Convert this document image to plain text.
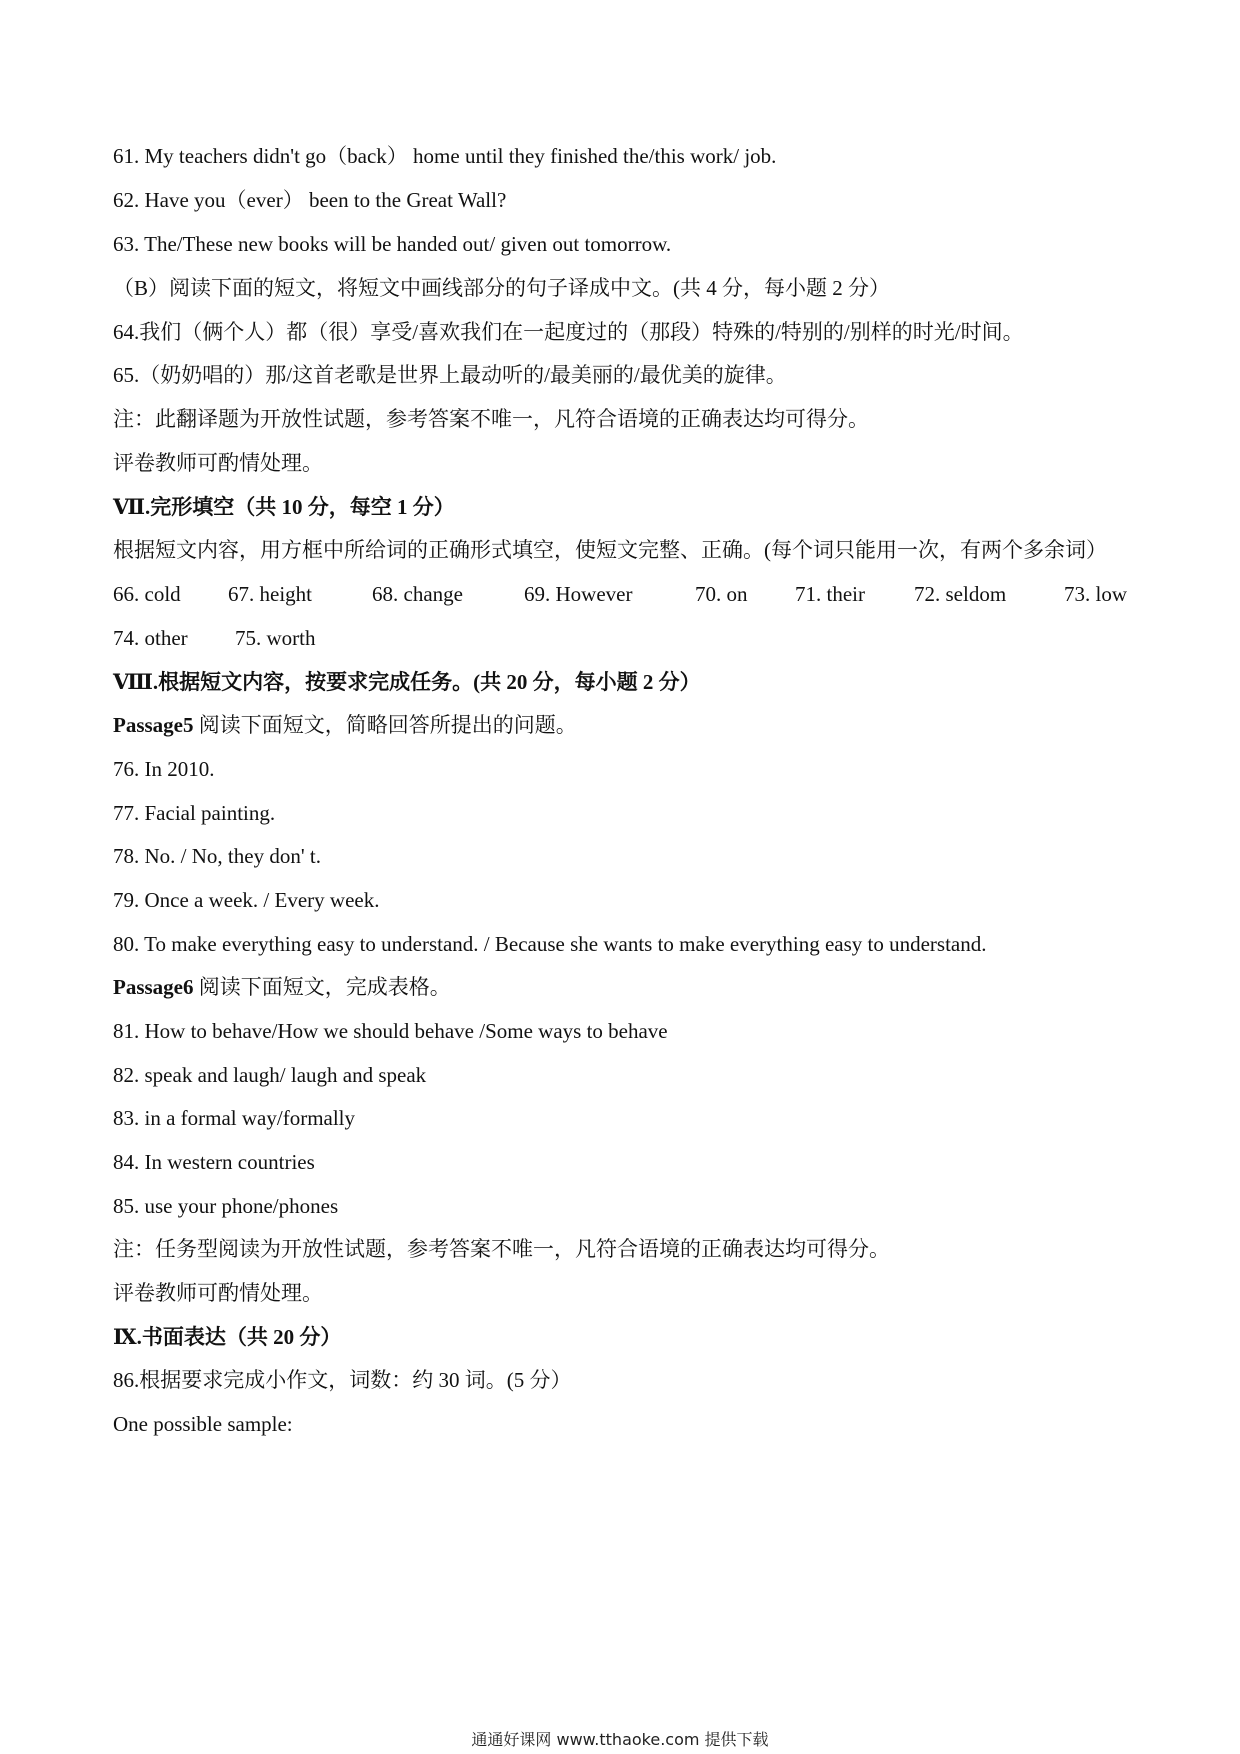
61. My teachers didn't go（back） home until they finished the/this work/ job.
62. Have you（ever） been to the Great Wall?
63. The/These new books will be handed out/ given out tomorrow.
（B）阅读下面的短文，将短文中画线部分的句子译成中文。(共 4 分，每小题 2 分）
64.我们（俩个人）都（很）享受/喜欢我们在一起度过的（那段）特殊的/特别的/别样的时光/时间。
65.（奶奶唱的）那/这首老歌是世界上最动听的/最美丽的/最优美的旋律。
注：此翻译题为开放性试题，参考答案不唯一，凡符合语境的正确表达均可得分。
评卷教师可酌情处理。
Ⅶ.完形填空（共 10 分，每空 1 分）
根据短文内容，用方框中所给词的正确形式填空，使短文完整、正确。(每个词只能用一次，有两个多余词）
66. cold 67. height	68. change	69. However	70. on 71. their 72. seldom	73. low
74. other 75. worth
Ⅷ.根据短文内容，按要求完成任务。(共 20 分，每小题 2 分）
Passage5 阅读下面短文，简略回答所提出的问题。
76. In 2010.
77. Facial painting.
78. No. / No, they don' t.
79. Once a week. / Every week.
80. To make everything easy to understand. / Because she wants to make everything easy to understand.
Passage6 阅读下面短文，完成表格。
81. How to behave/How we should behave /Some ways to behave
82. speak and laugh/ laugh and speak
83. in a formal way/formally
84. In western countries
85. use your phone/phones
注：任务型阅读为开放性试题，参考答案不唯一，凡符合语境的正确表达均可得分。
评卷教师可酌情处理。
Ⅸ.书面表达（共 20 分）
86.根据要求完成小作文，词数：约 30 词。(5 分）
One possible sample:
通通好课网 www.tthaoke.com 提供下载
